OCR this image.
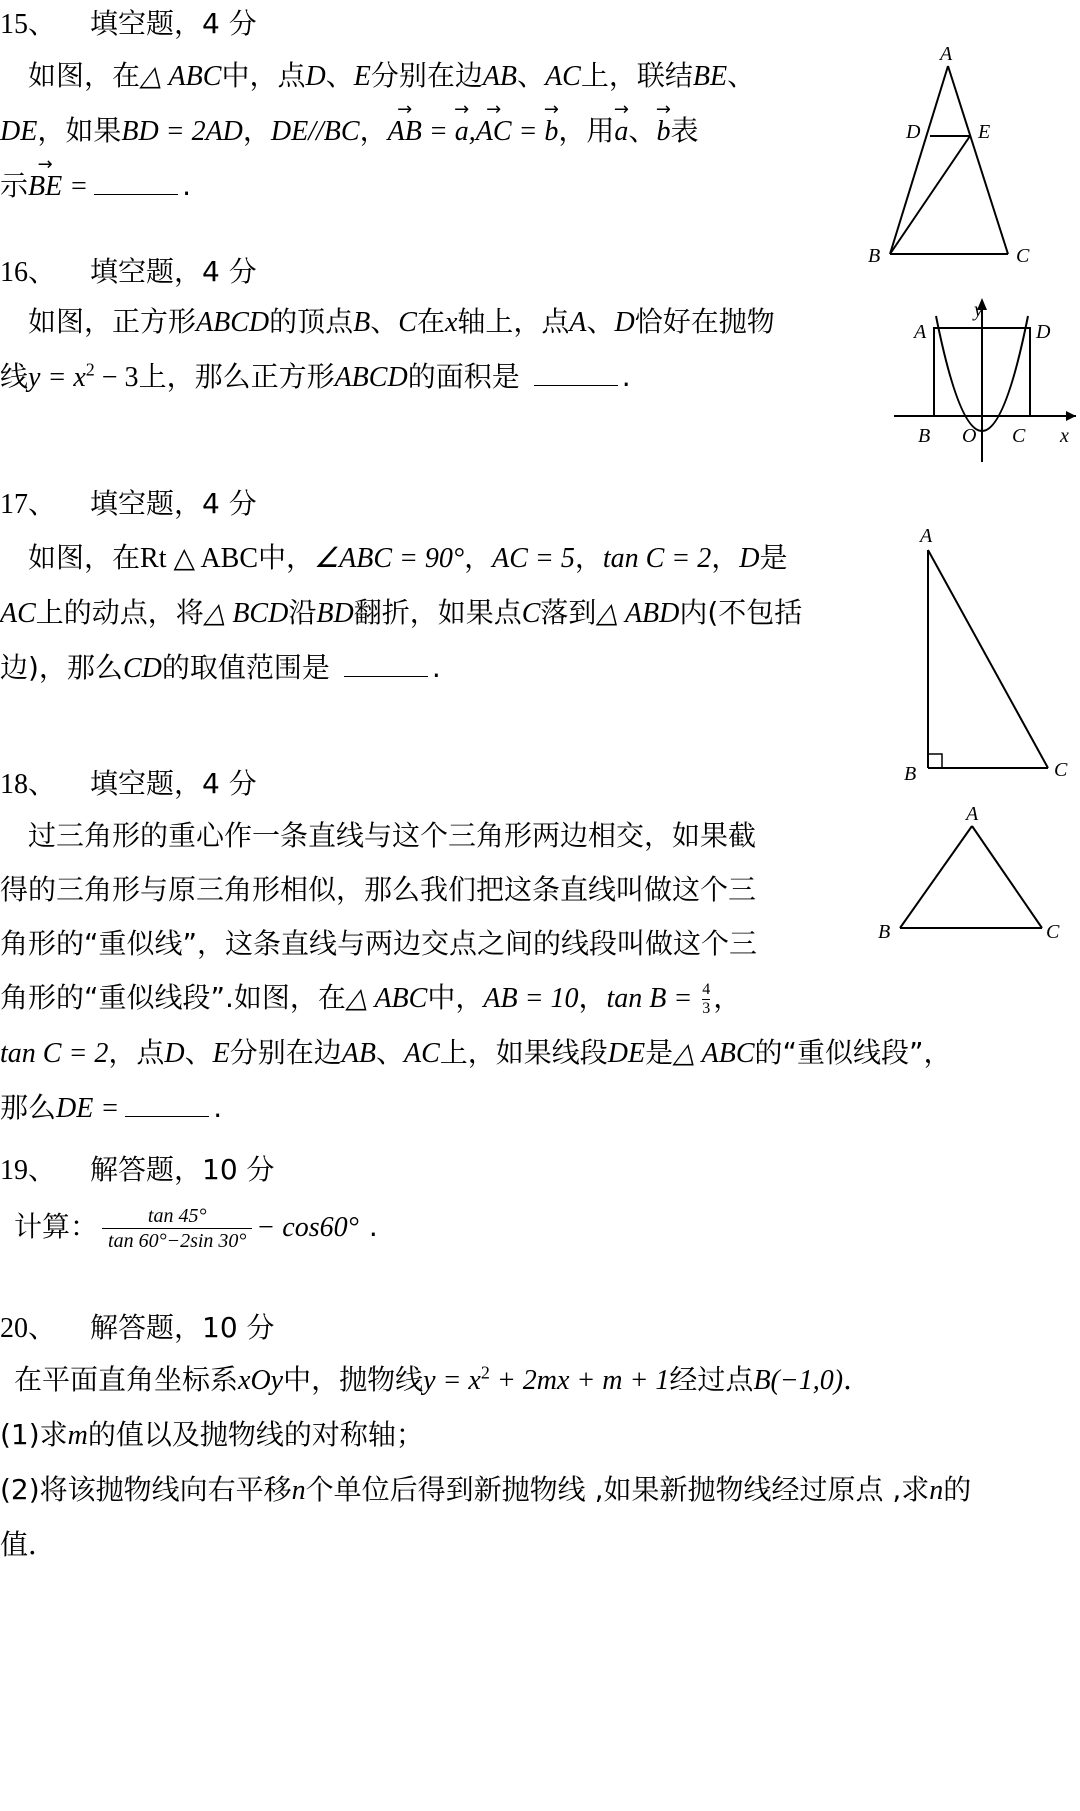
15、 填空题，4 分
如图，在△ ABC中，点D、E分别在边AB、AC上，联结BE、
DE，如果BD = 2AD，DE//BC，→ AB = → a,→ AC = → b，用→ a、→ b表
示→ BE =	.
A
D	E
B	C
16、 填空题，4 分
如图，正方形ABCD的顶点B、C在x轴上，点A、D恰好在抛物
线$y = x^2 - 3$上，那么正方形ABCD的面积是	.
y
A	D
B O C x
17、 填空题，4 分
如图，在Rt △ ABC中，∠ABC = 90°，AC = 5，tan C = 2，D是
AC上的动点，将△ BCD沿BD翻折，如果点C落到△ ABD内(不包括
边)，那么CD的取值范围是	.
A
B	C
18、 填空题，4 分
过三角形的重心作一条直线与这个三角形两边相交，如果截
得的三角形与原三角形相似，那么我们把这条直线叫做这个三
角形的“重似线”，这条直线与两边交点之间的线段叫做这个三
角形的“重似线段”.如图，在△ ABC中，AB = 10，$\tan B = \frac{4}{3}$ ，
tan C = 2，点D、E分别在边AB、AC上，如果线段DE是△ ABC的“重似线段”，
那么DE =	.
A
B	C
19、 解答题，10 分
计算： $\frac{\tan 45^\circ}{\tan 60^\circ-2\sin 30^\circ} - \cos 60^\circ$ .
20、 解答题，10 分
在平面直角坐标系xOy中，抛物线$y = x^2 + 2mx + m + 1$经过点B(−1,0)．
(1)求m的值以及抛物线的对称轴；
(2)将该抛物线向右平移n个单位后得到新抛物线 ,如果新抛物线经过原点 ,求n的
值．
